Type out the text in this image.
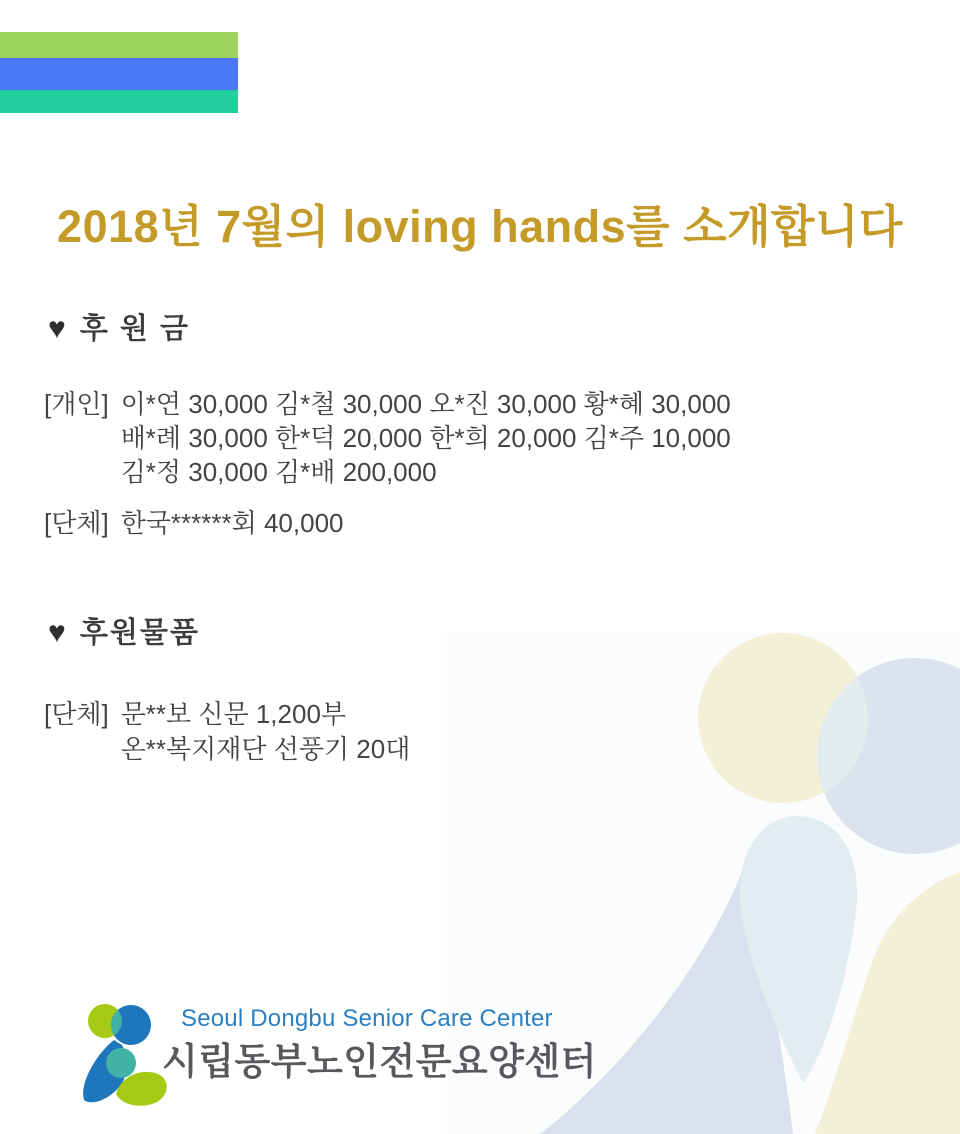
2018년 7월의 loving hands를 소개합니다
♥ 후 원 금
[개인] 이*연 30,000 김*철 30,000 오*진 30,000 황*혜 30,000
배*례 30,000 한*덕 20,000 한*희 20,000 김*주 10,000
김*정 30,000 김*배 200,000
[단체] 한국******회 40,000
♥ 후원물품
[단체] 문**보 신문 1,200부
온**복지재단 선풍기 20대
Seoul Dongbu Senior Care Center
시립동부노인전문요양센터
